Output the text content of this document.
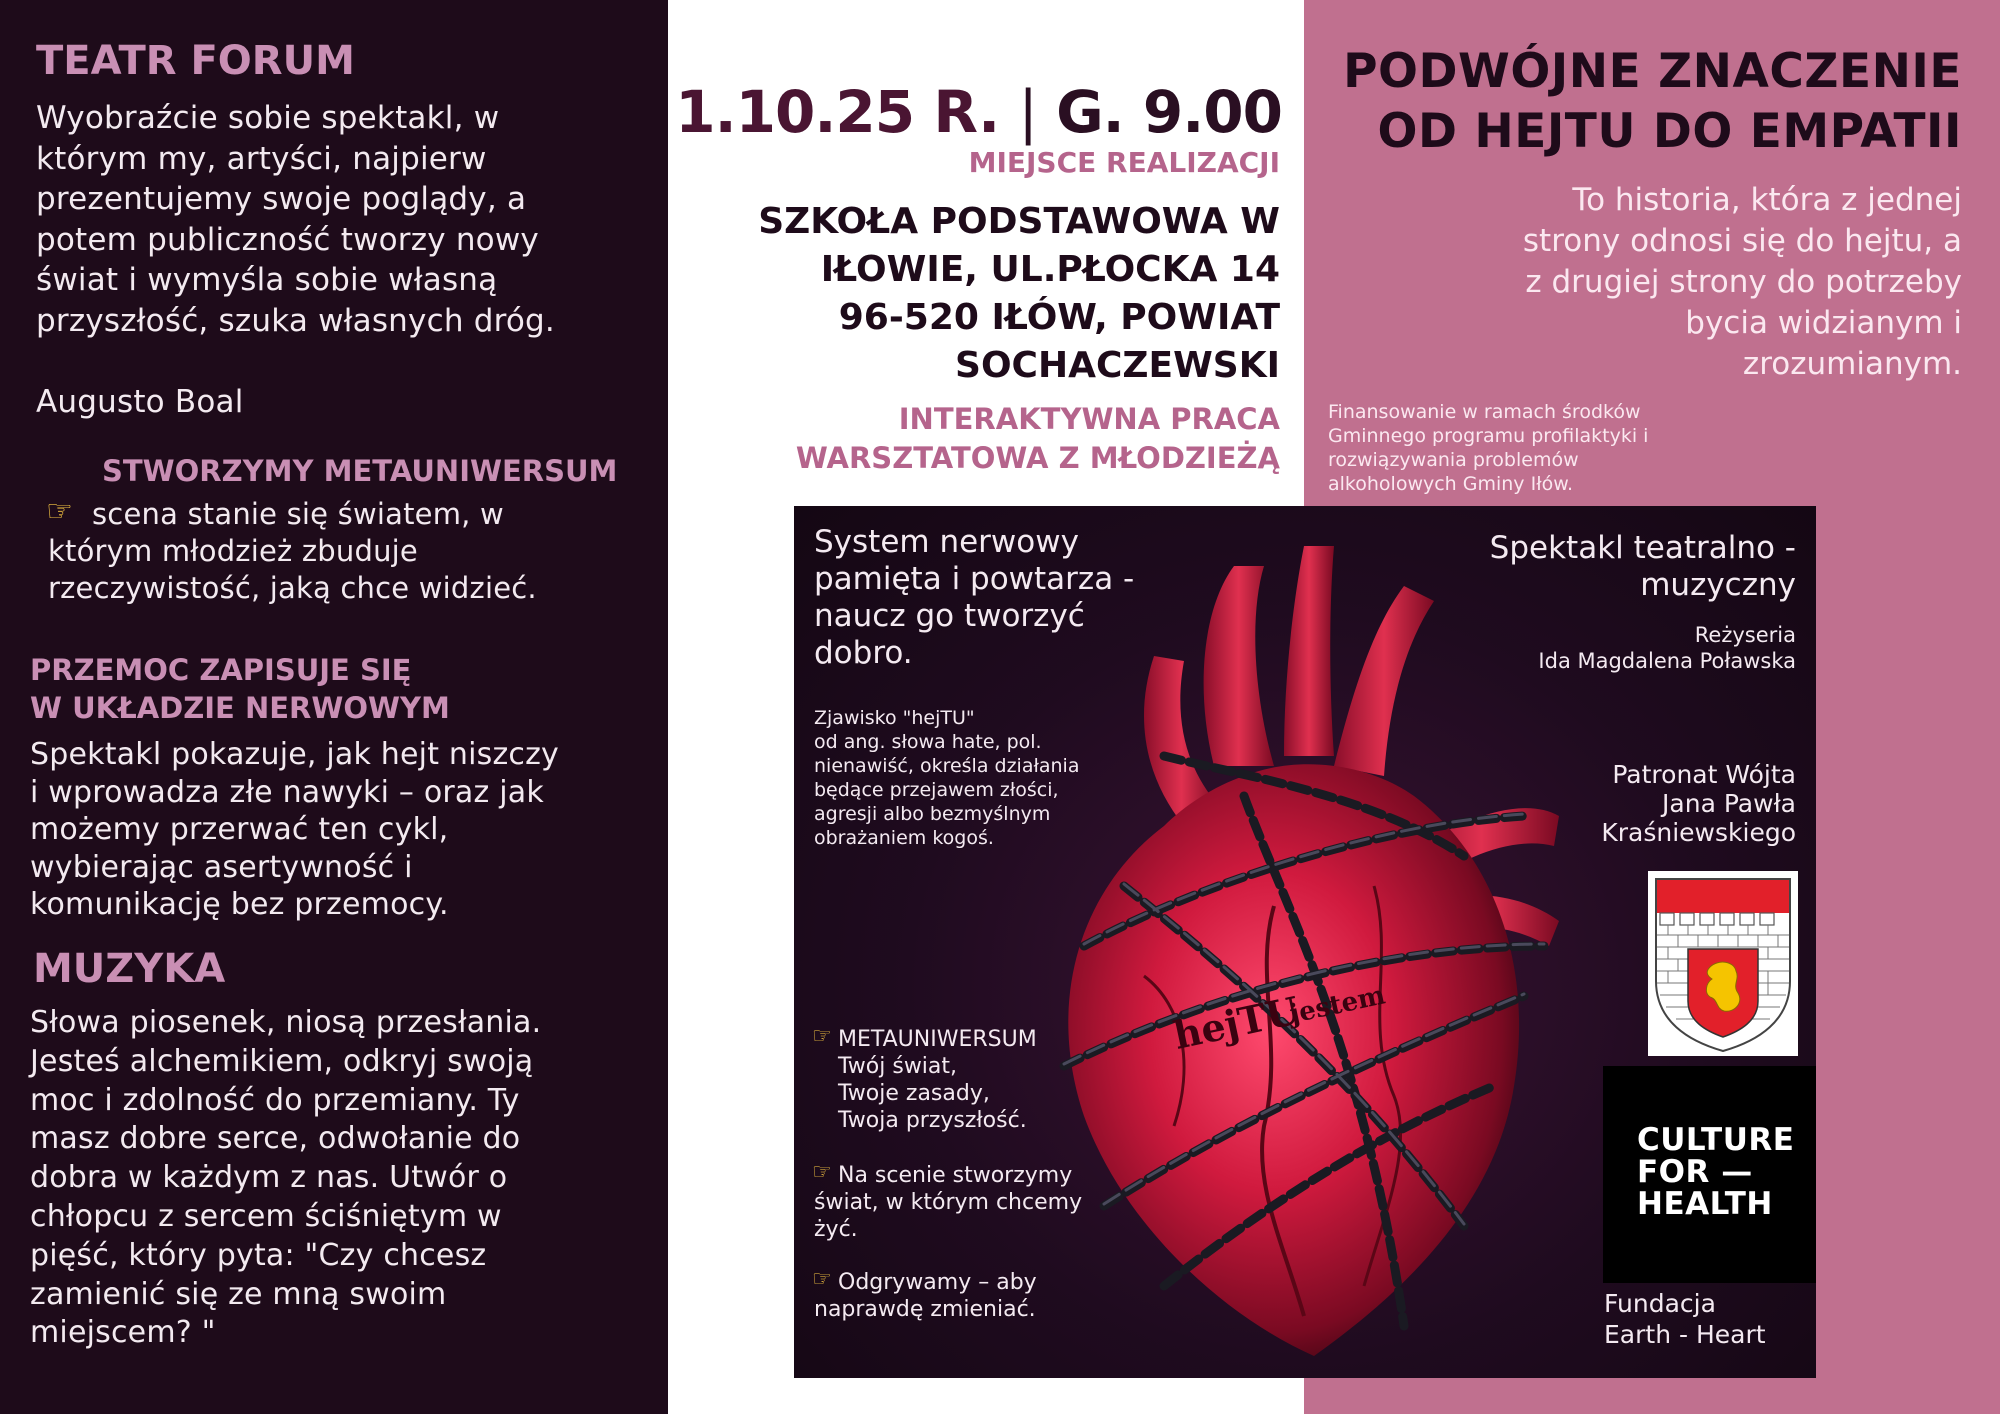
TEATR FORUM
Wyobraźcie sobie spektakl, w
którym my, artyści, najpierw
prezentujemy swoje poglądy, a
potem publiczność tworzy nowy
świat i wymyśla sobie własną
przyszłość, szuka własnych dróg.
Augusto Boal
STWORZYMY METAUNIWERSUM
☞ scena stanie się światem, w
którym młodzież zbuduje
rzeczywistość, jaką chce widzieć.
PRZEMOC ZAPISUJE SIĘ
W UKŁADZIE NERWOWYM
Spektakl pokazuje, jak hejt niszczy
i wprowadza złe nawyki – oraz jak
możemy przerwać ten cykl,
wybierając asertywność i
komunikację bez przemocy.
MUZYKA
Słowa piosenek, niosą przesłania.
Jesteś alchemikiem, odkryj swoją
moc i zdolność do przemiany. Ty
masz dobre serce, odwołanie do
dobra w każdym z nas. Utwór o
chłopcu z sercem ściśniętym w
pięść, który pyta: "Czy chcesz
zamienić się ze mną swoim
miejscem? "
1.10.25 R. | G. 9.00
MIEJSCE REALIZACJI
SZKOŁA PODSTAWOWA W
IŁOWIE, UL.PŁOCKA 14
96-520 IŁÓW, POWIAT
SOCHACZEWSKI
INTERAKTYWNA PRACA
WARSZTATOWA Z MŁODZIEŻĄ
PODWÓJNE ZNACZENIE
OD HEJTU DO EMPATII
To historia, która z jednej
strony odnosi się do hejtu, a
z drugiej strony do potrzeby
bycia widzianym i
zrozumianym.
Finansowanie w ramach środków
Gminnego programu profilaktyki i
rozwiązywania problemów
alkoholowych Gminy Iłów.
hejTU
jestem
System nerwowy
pamięta i powtarza -
naucz go tworzyć
dobro.
Zjawisko "hejTU"
od ang. słowa hate, pol.
nienawiść, określa działania
będące przejawem złości,
agresji albo bezmyślnym
obrażaniem kogoś.
☞ METAUNIWERSUM
Twój świat,
Twoje zasady,
Twoja przyszłość.
☞ Na scenie stworzymy
świat, w którym chcemy
żyć.
☞ Odgrywamy – aby
naprawdę zmieniać.
Spektakl teatralno -
muzyczny
Reżyseria
Ida Magdalena Poławska
Patronat Wójta
Jana Pawła
Kraśniewskiego
CULTURE
FOR —
HEALTH
Fundacja
Earth - Heart
